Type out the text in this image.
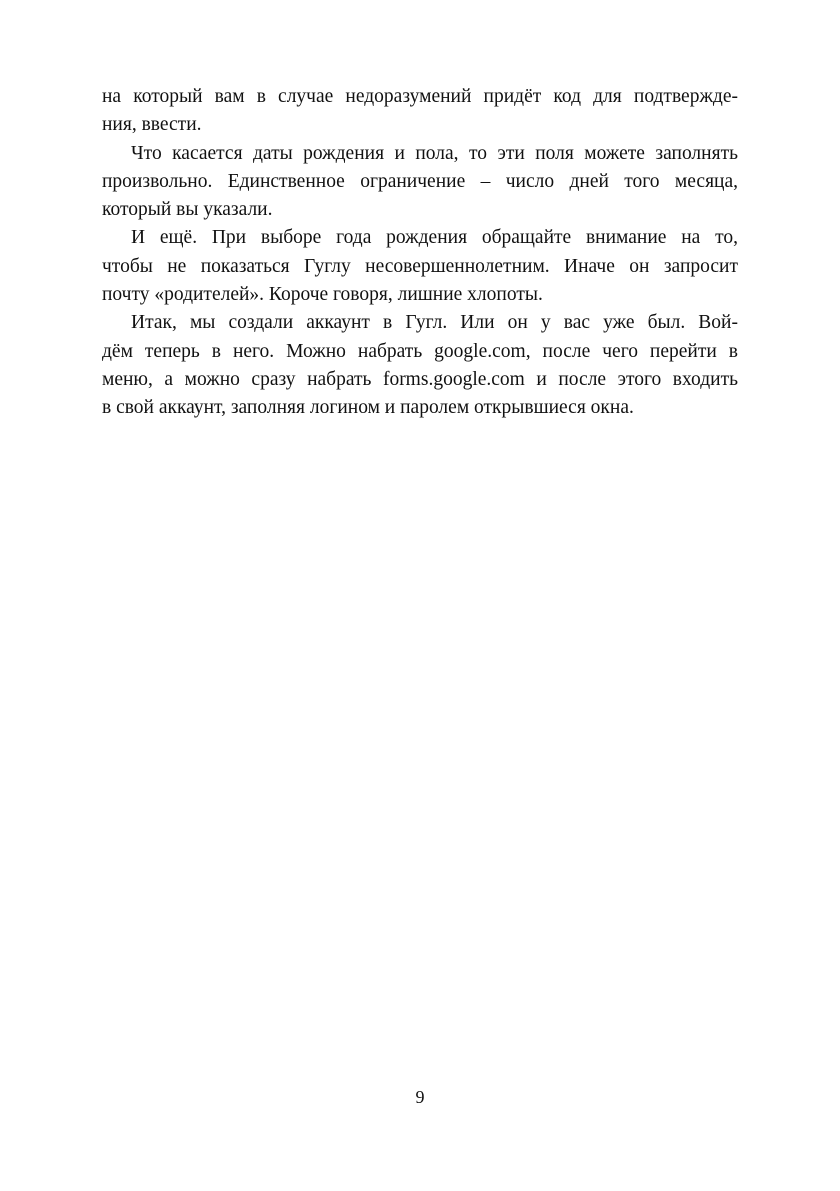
на который вам в случае недоразумений придёт код для подтвержде-
ния, ввести.

Что касается даты рождения и пола, то эти поля можете заполнять
произвольно. Единственное ограничение – число дней того месяца,
который вы указали.

И ещё. При выборе года рождения обращайте внимание на то,
чтобы не показаться Гуглу несовершеннолетним. Иначе он запросит
почту «родителей». Короче говоря, лишние хлопоты.

Итак, мы создали аккаунт в Гугл. Или он у вас уже был. Вой-
дём теперь в него. Можно набрать google.com, после чего перейти в
меню, а можно сразу набрать forms.google.com и после этого входить
в свой аккаунт, заполняя логином и паролем открывшиеся окна.

9
